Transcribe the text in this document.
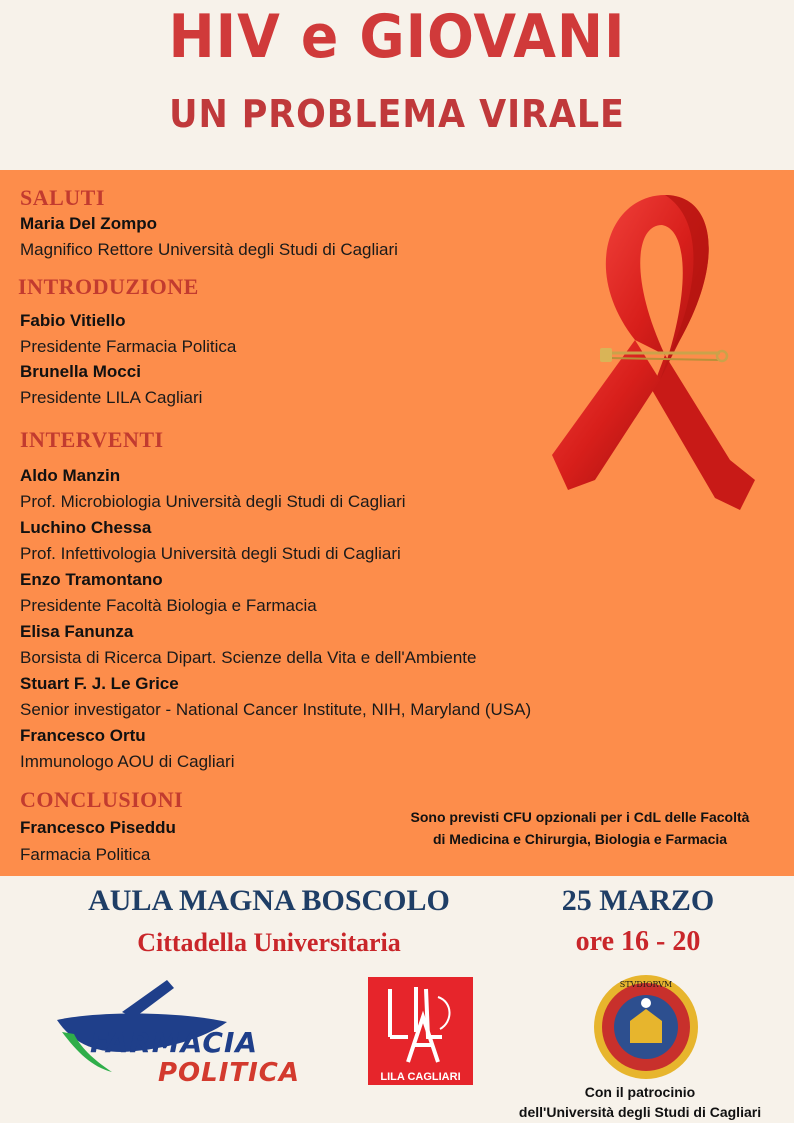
HIV e GIOVANI
UN PROBLEMA VIRALE
SALUTI
Maria Del Zompo
Magnifico Rettore Università degli Studi di Cagliari
INTRODUZIONE
Fabio Vitiello
Presidente Farmacia Politica
Brunella Mocci
Presidente LILA Cagliari
INTERVENTI
Aldo Manzin
Prof. Microbiologia Università degli Studi di Cagliari
Luchino Chessa
Prof. Infettivologia Università degli Studi di Cagliari
Enzo Tramontano
Presidente Facoltà Biologia e Farmacia
Elisa Fanunza
Borsista di Ricerca Dipart. Scienze della Vita e dell'Ambiente
Stuart F. J. Le Grice
Senior investigator - National Cancer Institute, NIH, Maryland (USA)
Francesco Ortu
Immunologo AOU di Cagliari
CONCLUSIONI
Francesco Piseddu
Farmacia Politica
Sono previsti CFU opzionali per i CdL delle Facoltà
di Medicina e Chirurgia, Biologia e Farmacia
AULA MAGNA BOSCOLO
Cittadella Universitaria
25 MARZO
ore 16 - 20
FARMACIA
POLITICA	LILA CAGLIARI
STVDIORVM
Con il patrocinio
dell'Università degli Studi di Cagliari
